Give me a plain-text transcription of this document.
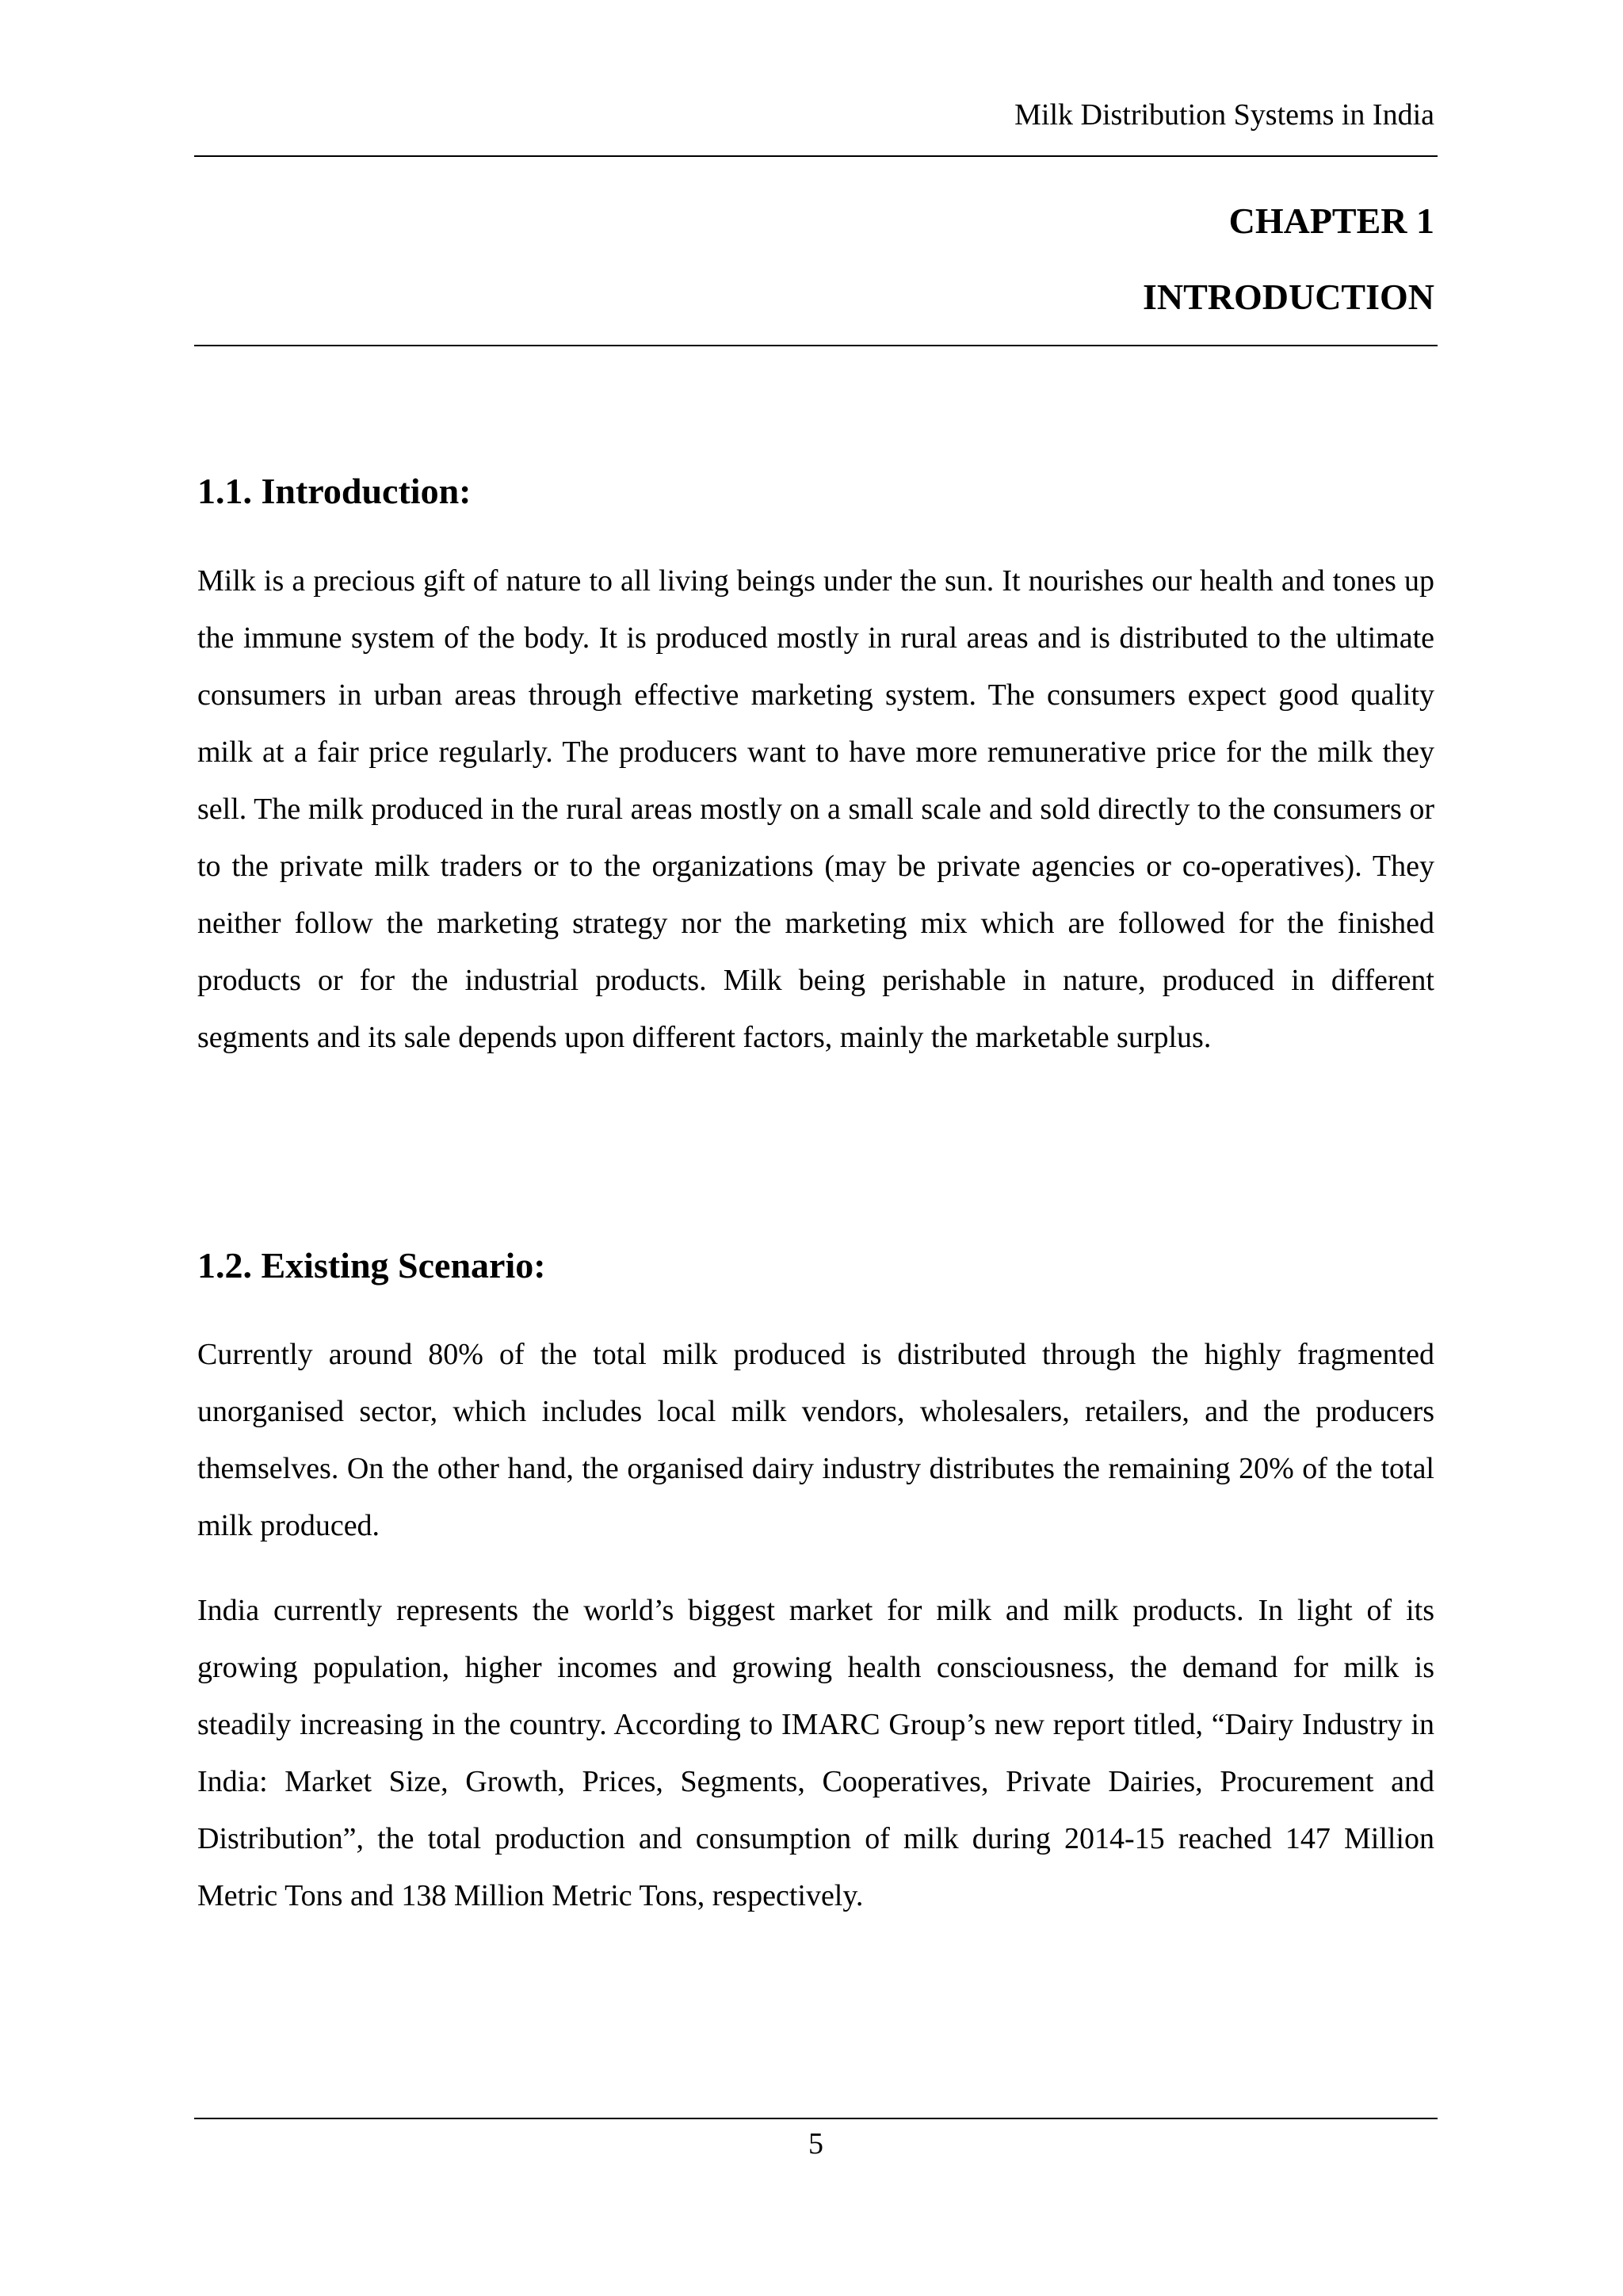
Milk Distribution Systems in India
CHAPTER 1
INTRODUCTION
1.1. Introduction:

Milk is a precious gift of nature to all living beings under the sun. It nourishes our health and tones up the immune system of the body. It is produced mostly in rural areas and is distributed to the ultimate consumers in urban areas through effective marketing system. The consumers expect good quality milk at a fair price regularly. The producers want to have more remunerative price for the milk they sell. The milk produced in the rural areas mostly on a small scale and sold directly to the consumers or to the private milk traders or to the organizations (may be private agencies or co-operatives). They neither follow the marketing strategy nor the marketing mix which are followed for the finished products or for the industrial products. Milk being perishable in nature, produced in different segments and its sale depends upon different factors, mainly the marketable surplus.

1.2. Existing Scenario:

Currently around 80% of the total milk produced is distributed through the highly fragmented unorganised sector, which includes local milk vendors, wholesalers, retailers, and the producers themselves. On the other hand, the organised dairy industry distributes the remaining 20% of the total milk produced.

India currently represents the world’s biggest market for milk and milk products. In light of its growing population, higher incomes and growing health consciousness, the demand for milk is steadily increasing in the country. According to IMARC Group’s new report titled, “Dairy Industry in India: Market Size, Growth, Prices, Segments, Cooperatives, Private Dairies, Procurement and Distribution”, the total production and consumption of milk during 2014-15 reached 147 Million Metric Tons and 138 Million Metric Tons, respectively.

5
